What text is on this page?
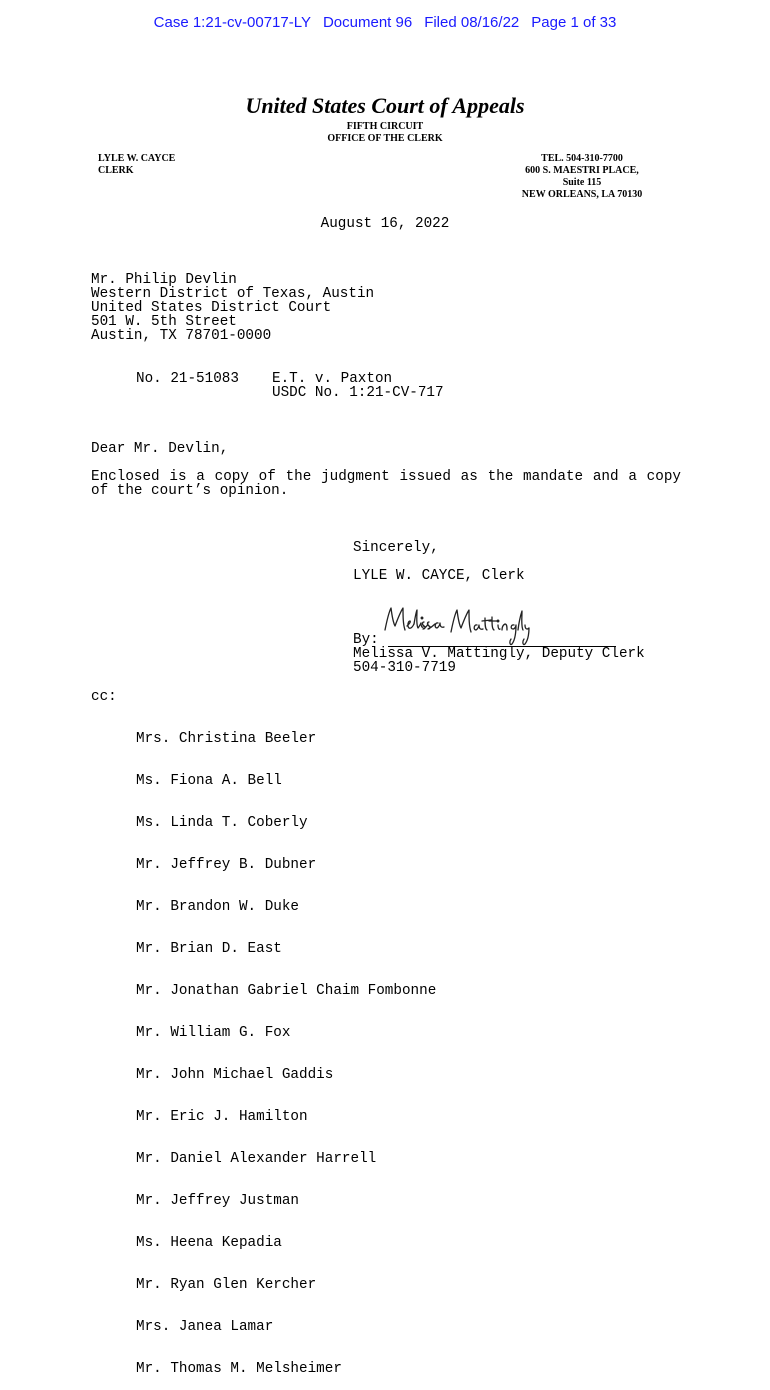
Case 1:21-cv-00717-LY Document 96 Filed 08/16/22 Page 1 of 33
United States Court of Appeals
FIFTH CIRCUIT
OFFICE OF THE CLERK
LYLE W. CAYCE
CLERK
TEL. 504-310-7700
600 S. MAESTRI PLACE,
Suite 115
NEW ORLEANS, LA 70130
August 16, 2022
Mr. Philip Devlin
Western District of Texas, Austin
United States District Court
501 W. 5th Street
Austin, TX 78701-0000
No. 21-51083 E.T. v. Paxton
USDC No. 1:21-CV-717
Dear Mr. Devlin,
Enclosed is a copy of the judgment issued as the mandate and a copy of the court’s opinion.
Sincerely,
LYLE W. CAYCE, Clerk

By:
Melissa V. Mattingly, Deputy Clerk
504-310-7719
cc:

Mrs. Christina Beeler

Ms. Fiona A. Bell

Ms. Linda T. Coberly

Mr. Jeffrey B. Dubner

Mr. Brandon W. Duke

Mr. Brian D. East

Mr. Jonathan Gabriel Chaim Fombonne

Mr. William G. Fox

Mr. John Michael Gaddis

Mr. Eric J. Hamilton

Mr. Daniel Alexander Harrell

Mr. Jeffrey Justman

Ms. Heena Kepadia

Mr. Ryan Glen Kercher

Mrs. Janea Lamar

Mr. Thomas M. Melsheimer
